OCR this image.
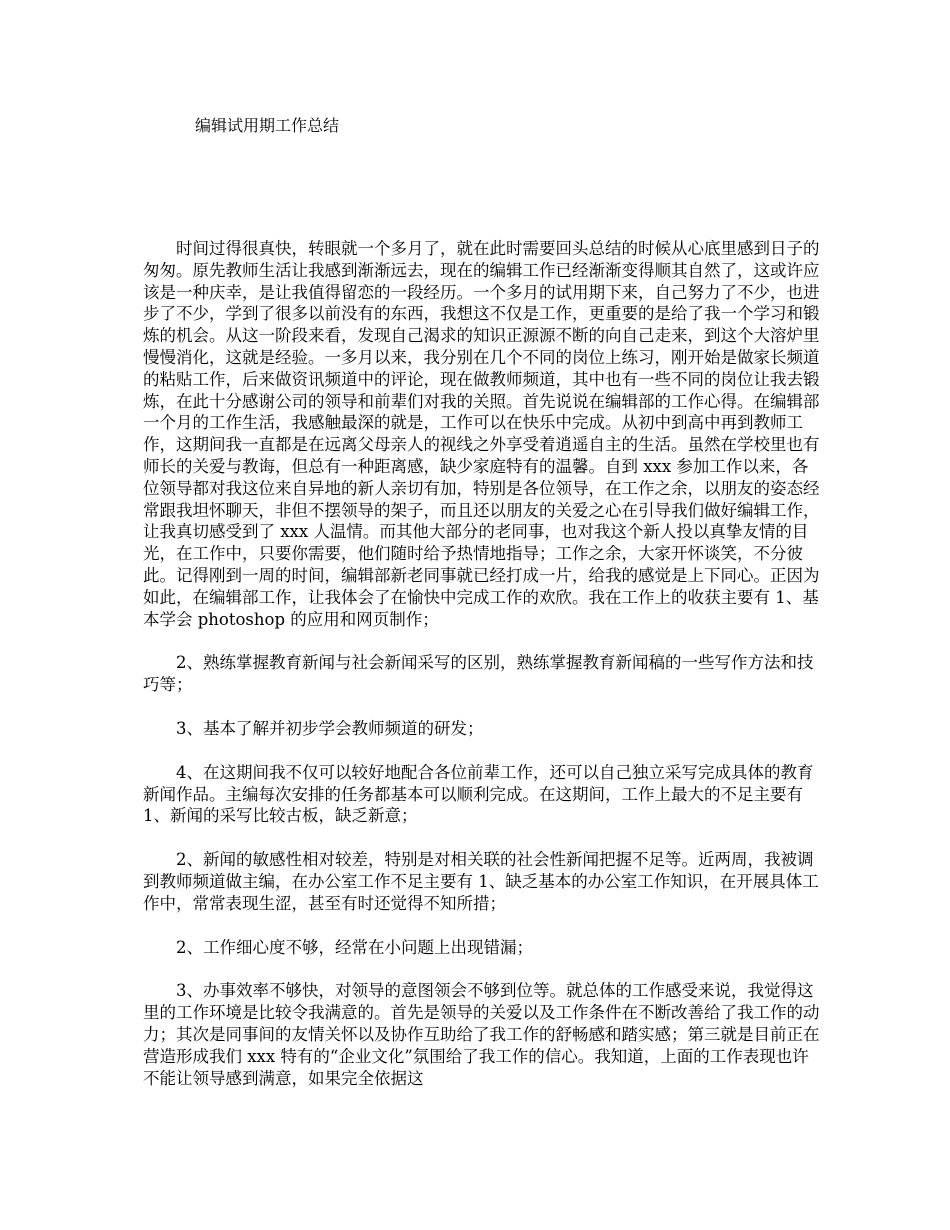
编辑试用期工作总结

时间过得很真快，转眼就一个多月了，就在此时需要回头总结的时候从心底里感到日子的匆匆。原先教师生活让我感到渐渐远去，现在的编辑工作已经渐渐变得顺其自然了，这或许应该是一种庆幸，是让我值得留恋的一段经历。一个多月的试用期下来，自己努力了不少，也进步了不少，学到了很多以前没有的东西，我想这不仅是工作，更重要的是给了我一个学习和锻炼的机会。从这一阶段来看，发现自己渴求的知识正源源不断的向自己走来，到这个大溶炉里慢慢消化，这就是经验。一多月以来，我分别在几个不同的岗位上练习，刚开始是做家长频道的粘贴工作，后来做资讯频道中的评论，现在做教师频道，其中也有一些不同的岗位让我去锻炼，在此十分感谢公司的领导和前辈们对我的关照。首先说说在编辑部的工作心得。在编辑部一个月的工作生活，我感触最深的就是，工作可以在快乐中完成。从初中到高中再到教师工作，这期间我一直都是在远离父母亲人的视线之外享受着逍遥自主的生活。虽然在学校里也有师长的关爱与教诲，但总有一种距离感，缺少家庭特有的温馨。自到 xxx 参加工作以来，各位领导都对我这位来自异地的新人亲切有加，特别是各位领导，在工作之余，以朋友的姿态经常跟我坦怀聊天，非但不摆领导的架子，而且还以朋友的关爱之心在引导我们做好编辑工作，让我真切感受到了 xxx 人温情。而其他大部分的老同事，也对我这个新人投以真挚友情的目光，在工作中，只要你需要，他们随时给予热情地指导；工作之余，大家开怀谈笑，不分彼此。记得刚到一周的时间，编辑部新老同事就已经打成一片，给我的感觉是上下同心。正因为如此，在编辑部工作，让我体会了在愉快中完成工作的欢欣。我在工作上的收获主要有 1、基本学会 photoshop 的应用和网页制作；

2、熟练掌握教育新闻与社会新闻采写的区别，熟练掌握教育新闻稿的一些写作方法和技巧等；

3、基本了解并初步学会教师频道的研发；

4、在这期间我不仅可以较好地配合各位前辈工作，还可以自己独立采写完成具体的教育新闻作品。主编每次安排的任务都基本可以顺利完成。在这期间，工作上最大的不足主要有 1、新闻的采写比较古板，缺乏新意；

2、新闻的敏感性相对较差，特别是对相关联的社会性新闻把握不足等。近两周，我被调到教师频道做主编，在办公室工作不足主要有 1、缺乏基本的办公室工作知识，在开展具体工作中，常常表现生涩，甚至有时还觉得不知所措；

2、工作细心度不够，经常在小问题上出现错漏；

3、办事效率不够快，对领导的意图领会不够到位等。就总体的工作感受来说，我觉得这里的工作环境是比较令我满意的。首先是领导的关爱以及工作条件在不断改善给了我工作的动力；其次是同事间的友情关怀以及协作互助给了我工作的舒畅感和踏实感；第三就是目前正在营造形成我们 xxx 特有的“企业文化”氛围给了我工作的信心。我知道，上面的工作表现也许不能让领导感到满意，如果完全依据这
